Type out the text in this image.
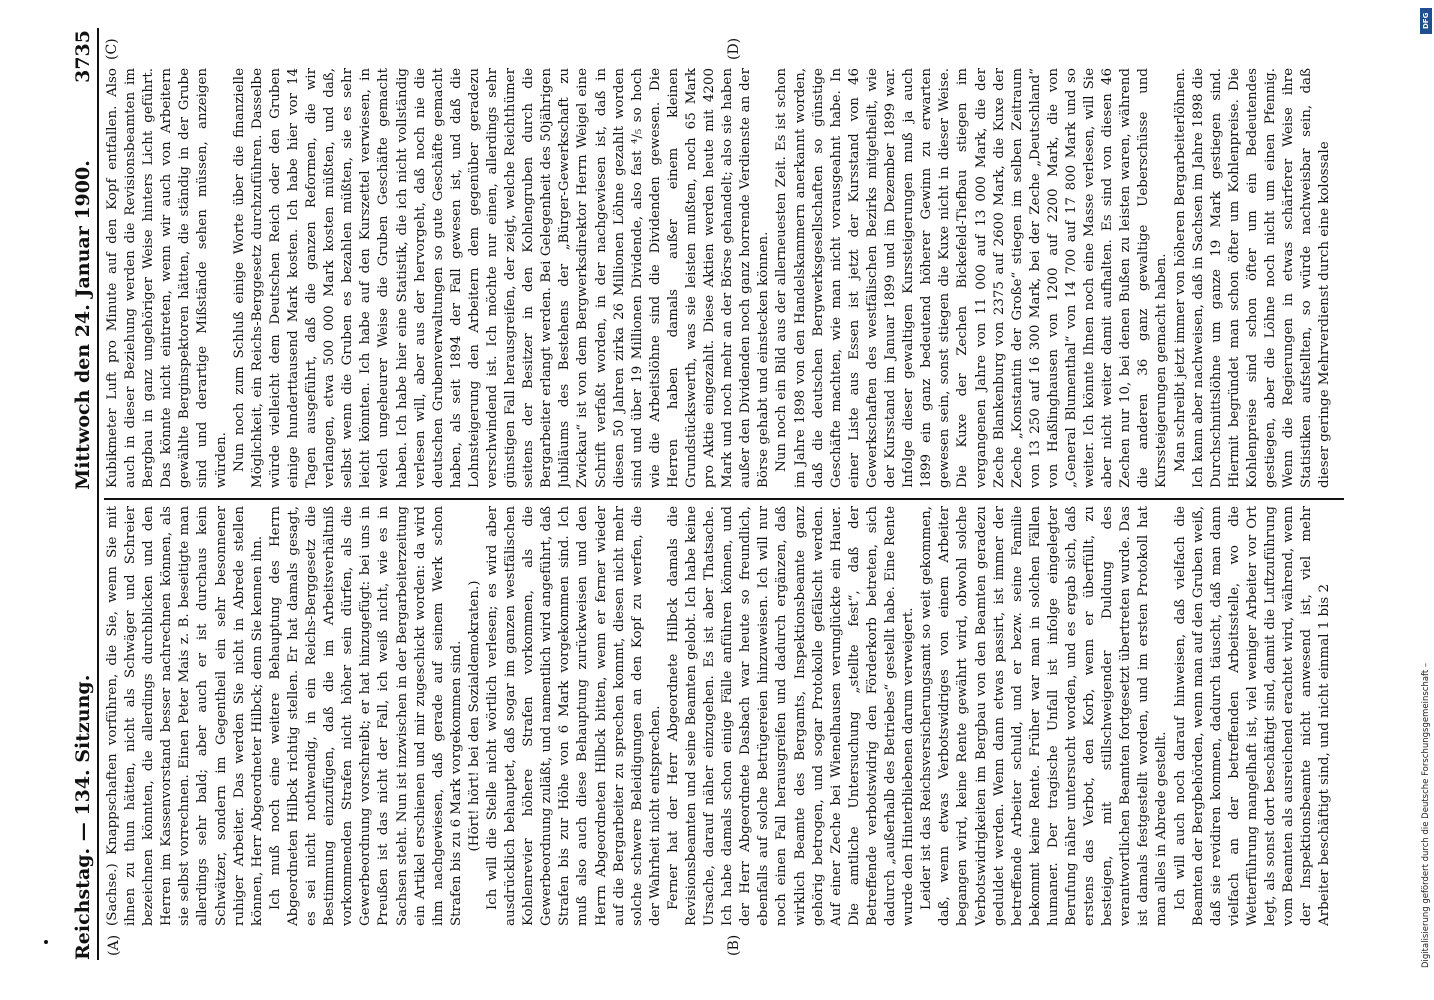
Reichstag. — 134. Sitzung.
Mittwoch den 24. Januar 1900.
3735
(A)	(B)
(C)	(D)

(Sachse.) Knappschaften vorführen, die Sie, wenn Sie mit ihnen zu thun hätten, nicht als Schwäger und Schreier bezeichnen könnten, die allerdings durchblicken und den Herren im Kassenvorstand besser nachrechnen können, als sie selbst vorrechnen. Einen Peter Mais z. B. beseitigte man allerdings sehr bald; aber auch er ist durchaus kein Schwätzer, sondern im Gegentheil ein sehr besonnener ruhiger Arbeiter. Das werden Sie nicht in Abrede stellen können, Herr Abgeordneter Hilbck; denn Sie kennen ihn. Ich muß noch eine weitere Behauptung des Herrn Abgeordneten Hilbck richtig stellen. Er hat damals gesagt, es sei nicht nothwendig, in ein Reichs-Berggesetz die Bestimmung einzufügen, daß die im Arbeitsverhältniß vorkommenden Strafen nicht höher sein dürfen, als die Gewerbeordnung vorschreibt; er hat hinzugefügt: bei uns in Preußen ist das nicht der Fall, ich weiß nicht, wie es in Sachsen steht. Nun ist inzwischen in der Bergarbeiterzeitung ein Artikel erschienen und mir zugeschickt worden: da wird ihm nachgewiesen, daß gerade auf seinem Werk schon Strafen bis zu 6 Mark vorgekommen sind. (Hört! hört! bei den Sozialdemokraten.) Ich will die Stelle nicht wörtlich verlesen; es wird aber ausdrücklich behauptet, daß sogar im ganzen westfälischen Kohlenrevier höhere Strafen vorkommen, als die Gewerbeordnung zuläßt, und namentlich wird angeführt, daß Strafen bis zur Höhe von 6 Mark vorgekommen sind. Ich muß also auch diese Behauptung zurückweisen und den Herrn Abgeordneten Hilbck bitten, wenn er ferner wieder auf die Bergarbeiter zu sprechen kommt, diesen nicht mehr solche schwere Beleidigungen an den Kopf zu werfen, die der Wahrheit nicht entsprechen. Ferner hat der Herr Abgeordnete Hilbck damals die Revisionsbeamten und seine Beamten gelobt. Ich habe keine Ursache, darauf näher einzugehen. Es ist aber Thatsache. Ich habe damals schon einige Fälle anführen können, und der Herr Abgeordnete Dasbach war heute so freundlich, ebenfalls auf solche Betrügereien hinzuweisen. Ich will nur noch einen Fall herausgreifen und dadurch ergänzen, daß wirklich Beamte des Bergamts, Inspektionsbeamte ganz gehörig betrogen, und sogar Protokolle gefälscht werden. Auf einer Zeche bei Wienelhausen verunglückte ein Hauer. Die amtliche Untersuchung „stellte fest“, daß der Betreffende verbotswidrig den Förderkorb betreten, sich dadurch „außerhalb des Betriebes“ gestellt habe. Eine Rente wurde den Hinterbliebenen darum verweigert. Leider ist das Reichsversicherungsamt so weit gekommen, daß, wenn etwas Verbotswidriges von einem Arbeiter begangen wird, keine Rente gewährt wird, obwohl solche Verbotswidrigkeiten im Bergbau von den Beamten geradezu geduldet werden. Wenn dann etwas passirt, ist immer der betreffende Arbeiter schuld, und er bezw. seine Familie bekommt keine Rente. Früher war man in solchen Fällen humaner. Der tragische Unfall ist infolge eingelegter Berufung näher untersucht worden, und es ergab sich, daß erstens das Verbot, den Korb, wenn er überfüllt, zu besteigen, mit stillschweigender Duldung des verantwortlichen Beamten fortgesetzt übertreten wurde. Das ist damals festgestellt worden, und im ersten Protokoll hat man alles in Abrede gestellt. Ich will auch noch darauf hinweisen, daß vielfach die Beamten der Bergbehörden, wenn man auf den Gruben weiß, daß sie revidiren kommen, dadurch täuscht, daß man dann vielfach an der betreffenden Arbeitsstelle, wo die Wetterführung mangelhaft ist, viel weniger Arbeiter vor Ort legt, als sonst dort beschäftigt sind, damit die Luftzuführung vom Beamten als ausreichend erachtet wird, während, wenn der Inspektionsbeamte nicht anwesend ist, viel mehr Arbeiter beschäftigt sind, und nicht einmal 1 bis 2

Kubikmeter Luft pro Minute auf den Kopf entfallen. Also auch in dieser Beziehung werden die Revisionsbeamten im Bergbau in ganz ungehöriger Weise hinters Licht geführt. Das könnte nicht eintreten, wenn wir auch von Arbeitern gewählte Berginspektoren hätten, die ständig in der Grube sind und derartige Mißstände sehen müssen, anzeigen würden. Nun noch zum Schluß einige Worte über die finanzielle Möglichkeit, ein Reichs-Berggesetz durchzuführen. Dasselbe würde vielleicht dem Deutschen Reich oder den Gruben einige hunderttausend Mark kosten. Ich habe hier vor 14 Tagen ausgeführt, daß die ganzen Reformen, die wir verlangen, etwa 500 000 Mark kosten müßten, und daß, selbst wenn die Gruben es bezahlen müßten, sie es sehr leicht könnten. Ich habe auf den Kurszettel verwiesen, in welch ungeheurer Weise die Gruben Geschäfte gemacht haben. Ich habe hier eine Statistik, die ich nicht vollständig verlesen will, aber aus der hervorgeht, daß noch nie die deutschen Grubenverwaltungen so gute Geschäfte gemacht haben, als seit 1894 der Fall gewesen ist, und daß die Lohnsteigerung den Arbeitern dem gegenüber geradezu verschwindend ist. Ich möchte nur einen, allerdings sehr günstigen Fall herausgreifen, der zeigt, welche Reichthümer seitens der Besitzer in den Kohlengruben durch die Bergarbeiter erlangt werden. Bei Gelegenheit des 50jährigen Jubiläums des Bestehens der „Bürger-Gewerkschaft zu Zwickau“ ist von dem Bergwerksdirektor Herrn Weigel eine Schrift verfaßt worden, in der nachgewiesen ist, daß in diesen 50 Jahren zirka 26 Millionen Löhne gezahlt worden sind und über 19 Millionen Dividende, also fast ⁴/₅ so hoch wie die Arbeitslöhne sind die Dividenden gewesen. Die Herren haben damals außer einem kleinen Grundstückswerth, was sie leisten mußten, noch 65 Mark pro Aktie eingezahlt. Diese Aktien werden heute mit 4200 Mark und noch mehr an der Börse gehandelt; also sie haben außer den Dividenden noch ganz horrende Verdienste an der Börse gehabt und einstecken können. Nun noch ein Bild aus der allerneuesten Zeit. Es ist schon im Jahre 1898 von den Handelskammern anerkannt worden, daß die deutschen Bergwerksgesellschaften so günstige Geschäfte machten, wie man nicht vorausgeahnt habe. In einer Liste aus Essen ist jetzt der Kursstand von 46 Gewerkschaften des westfälischen Bezirks mitgetheilt, wie der Kursstand im Januar 1899 und im Dezember 1899 war. Infolge dieser gewaltigen Kurssteigerungen muß ja auch 1899 ein ganz bedeutend höherer Gewinn zu erwarten gewesen sein, sonst stiegen die Kuxe nicht in dieser Weise. Die Kuxe der Zechen Bickefeld-Tiefbau stiegen im vergangenen Jahre von 11 000 auf 13 000 Mark, die der Zeche Blankenburg von 2375 auf 2600 Mark, die Kuxe der Zeche „Konstantin der Große“ stiegen im selben Zeitraum von 13 250 auf 16 300 Mark, bei der Zeche „Deutschland“ von Haßlinghausen von 1200 auf 2200 Mark, die von „General Blumenthal“ von 14 700 auf 17 800 Mark und so weiter. Ich könnte Ihnen noch eine Masse verlesen, will Sie aber nicht weiter damit aufhalten. Es sind von diesen 46 Zechen nur 10, bei denen Bußen zu leisten waren, während die anderen 36 ganz gewaltige Ueberschüsse und Kurssteigerungen gemacht haben. Man schreibt jetzt immer von höheren Bergarbeiterlöhnen. Ich kann aber nachweisen, daß in Sachsen im Jahre 1898 die Durchschnittslöhne um ganze 19 Mark gestiegen sind. Hiermit begründet man schon öfter um Kohlenpreise. Die Kohlenpreise sind schon öfter um ein Bedeutendes gestiegen, aber die Löhne noch nicht um einen Pfennig. Wenn die Regierungen in etwas schärferer Weise ihre Statistiken aufstellten, so würde nachweisbar sein, daß dieser geringe Mehrverdienst durch eine kolossale

DFG
Digitalisierung gefördert durch die Deutsche Forschungsgemeinschaft –
